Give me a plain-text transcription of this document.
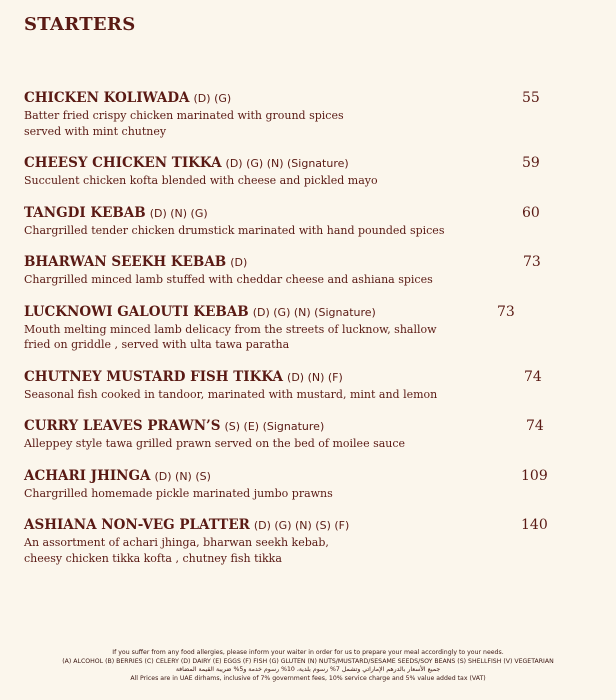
STARTERS
CHICKEN KOLIWADA (D) (G)	55
Batter fried crispy chicken marinated with ground spices
served with mint chutney
CHEESY CHICKEN TIKKA (D) (G) (N) (Signature)	59
Succulent chicken kofta blended with cheese and pickled mayo
TANGDI KEBAB (D) (N) (G)	60
Chargrilled tender chicken drumstick marinated with hand pounded spices
BHARWAN SEEKH KEBAB (D)	73
Chargrilled minced lamb stuffed with cheddar cheese and ashiana spices
LUCKNOWI GALOUTI KEBAB (D) (G) (N) (Signature)	73
Mouth melting minced lamb delicacy from the streets of lucknow, shallow
fried on griddle , served with ulta tawa paratha
CHUTNEY MUSTARD FISH TIKKA (D) (N) (F)	74
Seasonal fish cooked in tandoor, marinated with mustard, mint and lemon
CURRY LEAVES PRAWN’S (S) (E) (Signature)	74
Alleppey style tawa grilled prawn served on the bed of moilee sauce
ACHARI JHINGA (D) (N) (S)	109
Chargrilled homemade pickle marinated jumbo prawns
ASHIANA NON-VEG PLATTER (D) (G) (N) (S) (F)	140
An assortment of achari jhinga, bharwan seekh kebab,
cheesy chicken tikka kofta , chutney fish tikka
If you suffer from any food allergies, please inform your waiter in order for us to prepare your meal accordingly to your needs.
(A) ALCOHOL (B) BERRIES (C) CELERY (D) DAIRY (E) EGGS (F) FISH (G) GLUTEN (N) NUTS/MUSTARD/SESAME SEEDS/SOY BEANS (S) SHELLFISH (V) VEGETARIAN
جميع الأسعار بالدرهم الإماراتي وتشمل 7% رسوم بلدية، 10% رسوم خدمة و5% ضريبة القيمة المضافة
All Prices are in UAE dirhams, inclusive of 7% government fees, 10% service charge and 5% value added tax (VAT)
